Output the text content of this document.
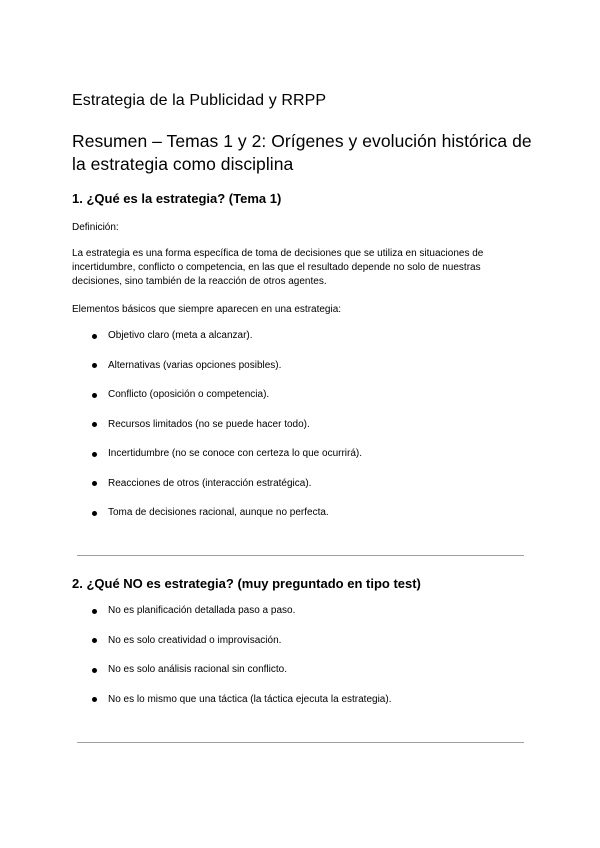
Estrategia de la Publicidad y RRPP
Resumen – Temas 1 y 2: Orígenes y evolución histórica de la estrategia como disciplina
1. ¿Qué es la estrategia? (Tema 1)
Definición:
La estrategia es una forma específica de toma de decisiones que se utiliza en situaciones de incertidumbre, conflicto o competencia, en las que el resultado depende no solo de nuestras decisiones, sino también de la reacción de otros agentes.
Elementos básicos que siempre aparecen en una estrategia:
Objetivo claro (meta a alcanzar).
Alternativas (varias opciones posibles).
Conflicto (oposición o competencia).
Recursos limitados (no se puede hacer todo).
Incertidumbre (no se conoce con certeza lo que ocurrirá).
Reacciones de otros (interacción estratégica).
Toma de decisiones racional, aunque no perfecta.
2. ¿Qué NO es estrategia? (muy preguntado en tipo test)
No es planificación detallada paso a paso.
No es solo creatividad o improvisación.
No es solo análisis racional sin conflicto.
No es lo mismo que una táctica (la táctica ejecuta la estrategia).
